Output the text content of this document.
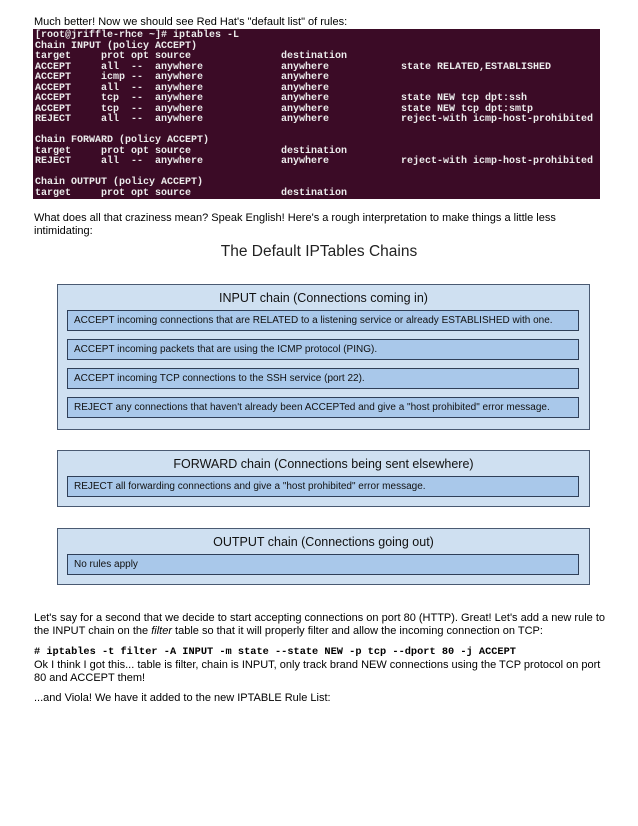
Much better! Now we should see Red Hat's "default list" of rules:
[root@jriffle-rhce ~]# iptables -L
Chain INPUT (policy ACCEPT)
target	prot opt source	destination
ACCEPT	all  -- anywhere	anywhere	state RELATED,ESTABLISHED
ACCEPT	icmp -- anywhere	anywhere
ACCEPT	all  -- anywhere	anywhere
ACCEPT	tcp  -- anywhere	anywhere	state NEW tcp dpt:ssh
ACCEPT	tcp  -- anywhere	anywhere	state NEW tcp dpt:smtp
REJECT	all  -- anywhere	anywhere	reject-with icmp-host-prohibited
Chain FORWARD (policy ACCEPT)
target	prot opt source	destination
REJECT	all  -- anywhere	anywhere	reject-with icmp-host-prohibited
Chain OUTPUT (policy ACCEPT)
target	prot opt source	destination
What does all that craziness mean? Speak English! Here's a rough interpretation to make things a little less intimidating:
The Default IPTables Chains
INPUT chain (Connections coming in)
ACCEPT incoming connections that are RELATED to a listening service or already ESTABLISHED with one.
ACCEPT incoming packets that are using the ICMP protocol (PING).
ACCEPT incoming TCP connections to the SSH service (port 22).
REJECT any connections that haven't already been ACCEPTed and give a "host prohibited" error message.
FORWARD chain (Connections being sent elsewhere)
REJECT all forwarding connections and give a "host prohibited" error message.
OUTPUT chain (Connections going out)
No rules apply
Let's say for a second that we decide to start accepting connections on port 80 (HTTP). Great! Let's add a new rule to the INPUT chain on the filter table so that it will properly filter and allow the incoming connection on TCP:
# iptables -t filter -A INPUT -m state --state NEW -p tcp --dport 80 -j ACCEPT
Ok I think I got this... table is filter, chain is INPUT, only track brand NEW connections using the TCP protocol on port 80 and ACCEPT them!
...and Viola! We have it added to the new IPTABLE Rule List:
